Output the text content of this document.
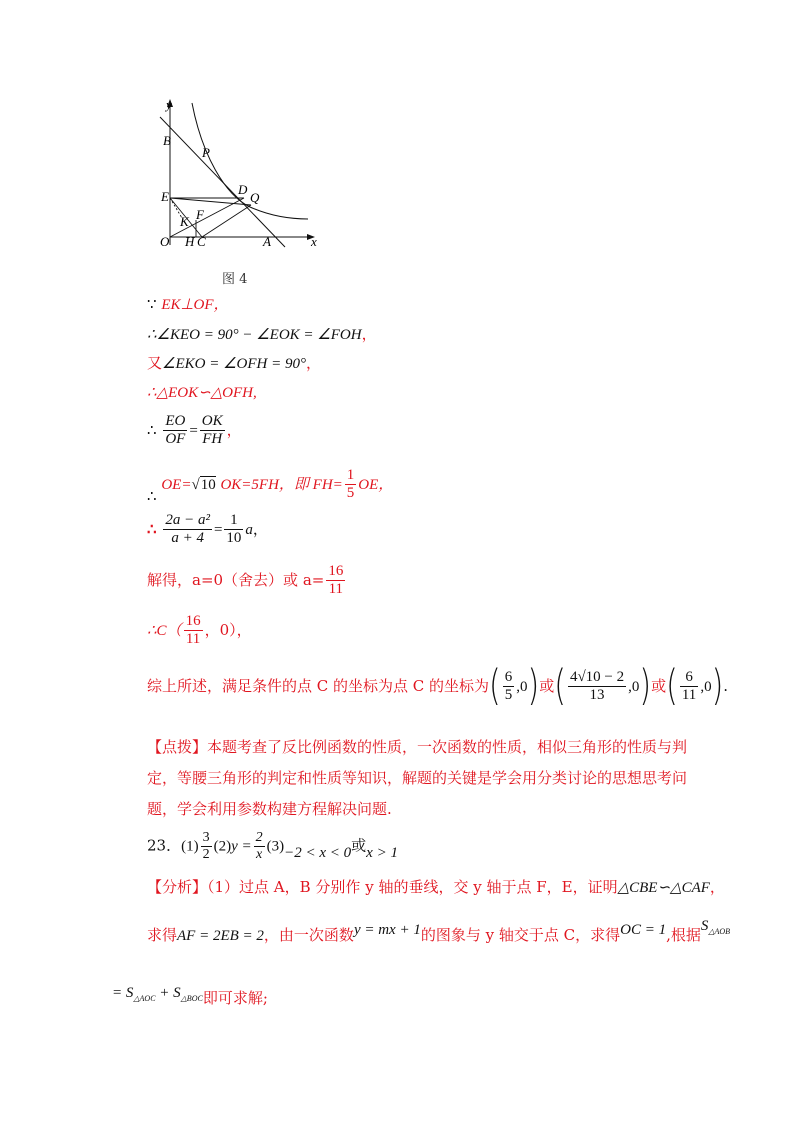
y
B
P
E	D
Q
K F
O H C	A	x
图 4
∵ EK⊥OF，
∴∠KEO = 90° − ∠EOK = ∠FOH，
又∠EKO = ∠OFH = 90°，
∴△EOK∽△OFH,
∴ $\frac{EO}{OF} = \frac{OK}{FH}$ ，
∴ OE=√10 OK=5FH，即 $FH= \frac{1}{5}$ OE，
∴ $\frac{\text{2a − a²}}{a + 4} = \frac{1}{10}$ a，
解得，a=0（舍去）或 $a= \frac{16}{11}$
∴C（ $\frac{16}{11}$ ，0），
综上所述，满足条件的点 C 的坐标为点 C 的坐标为( $\frac{6}{5} ,0$)或( $\frac{4√10 - 2}{13} ,0$)或( $\frac{6}{11} ,0$).
【点拨】本题考查了反比例函数的性质，一次函数的性质，相似三角形的性质与判定，等腰三角形的判定和性质等知识，解题的关键是学会用分类讨论的思想思考问题，学会利用参数构建方程解决问题.
23．$(1) \frac{3}{2} (2)y = \frac{2}{x} (3)-2 < x < 0$或x > 1
【分析】（1）过点 A，B 分别作 y 轴的垂线，交 y 轴于点 F，E，证明△CBE∽△CAF，
求得AF = 2EB = 2，由一次函数y = mx + 1的图象与 y 轴交于点 C，求得OC = 1,根据$S_{\triangle AOB}$
= $S_{\triangle AOC} + S_{\triangle BOC}$即可求解;
